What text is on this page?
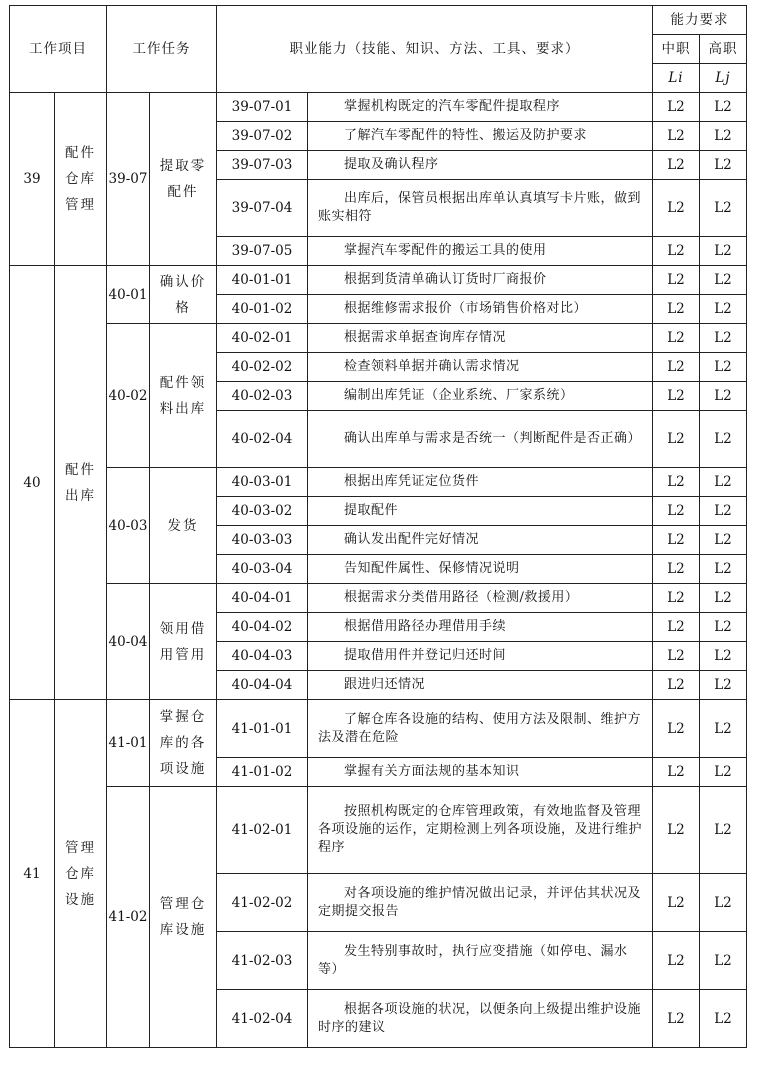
工作项目		工作任务		职业能力（技能、知识、方法、工具、要求）		能力要求	
						中职	高职
						Li	Lj
39	配件仓库管理	39-07	提取零配件	39-07-01	掌握机构既定的汽车零配件提取程序	L2	L2
				39-07-02	了解汽车零配件的特性、搬运及防护要求	L2	L2
				39-07-03	提取及确认程序	L2	L2
				39-07-04	出库后，保管员根据出库单认真填写卡片账，做到账实相符	L2	L2
				39-07-05	掌握汽车零配件的搬运工具的使用	L2	L2
40	配件出库	40-01	确认价格	40-01-01	根据到货清单确认订货时厂商报价	L2	L2
				40-01-02	根据维修需求报价（市场销售价格对比）	L2	L2
		40-02	配件领料出库	40-02-01	根据需求单据查询库存情况	L2	L2
				40-02-02	检查领料单据并确认需求情况	L2	L2
				40-02-03	编制出库凭证（企业系统、厂家系统）	L2	L2
				40-02-04	确认出库单与需求是否统一（判断配件是否正确）	L2	L2
		40-03	发货	40-03-01	根据出库凭证定位货件	L2	L2
				40-03-02	提取配件	L2	L2
				40-03-03	确认发出配件完好情况	L2	L2
				40-03-04	告知配件属性、保修情况说明	L2	L2
		40-04	领用借用管用	40-04-01	根据需求分类借用路径（检测/救援用）	L2	L2
				40-04-02	根据借用路径办理借用手续	L2	L2
				40-04-03	提取借用件并登记归还时间	L2	L2
				40-04-04	跟进归还情况	L2	L2
41	管理仓库设施	41-01	掌握仓库的各项设施	41-01-01	了解仓库各设施的结构、使用方法及限制、维护方法及潜在危险	L2	L2
				41-01-02	掌握有关方面法规的基本知识	L2	L2
		41-02	管理仓库设施	41-02-01	按照机构既定的仓库管理政策，有效地监督及管理各项设施的运作，定期检测上列各项设施，及进行维护程序	L2	L2
				41-02-02	对各项设施的维护情况做出记录，并评估其状况及定期提交报告	L2	L2
				41-02-03	发生特别事故时，执行应变措施（如停电、漏水等）	L2	L2
				41-02-04	根据各项设施的状况，以便条向上级提出维护设施时序的建议	L2	L2
